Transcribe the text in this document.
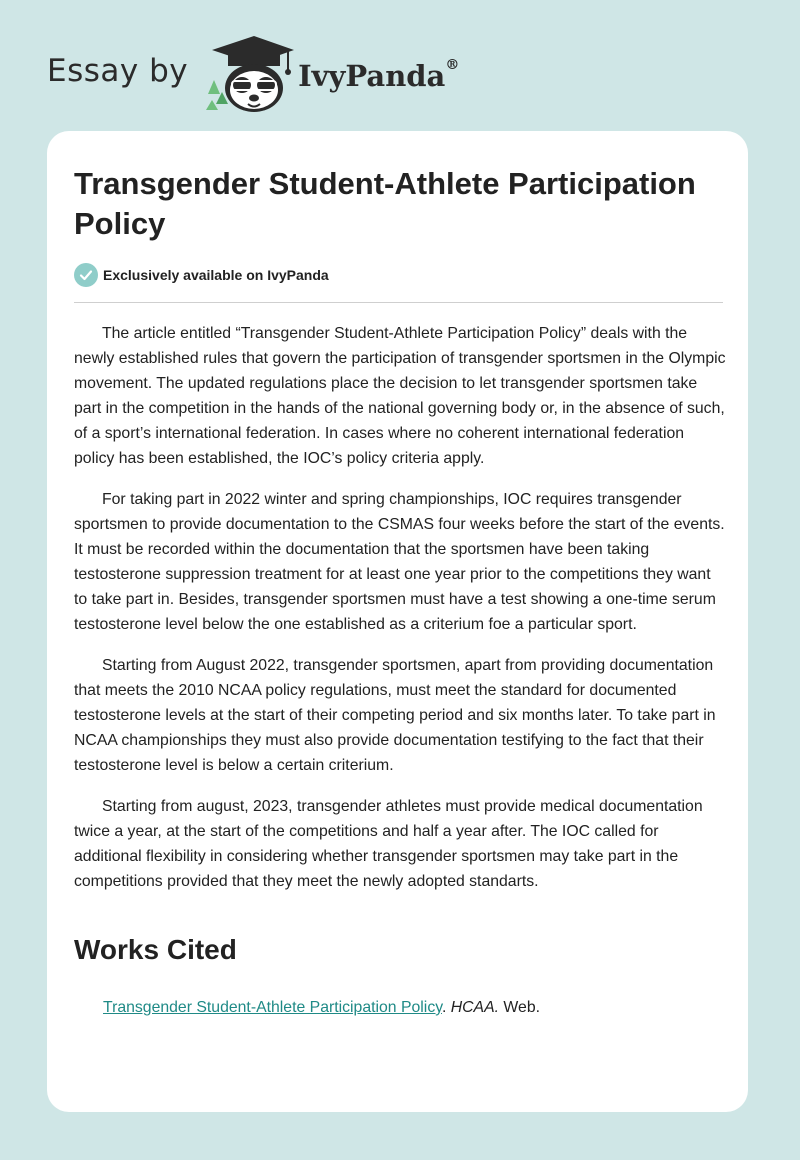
Essay by	IvyPanda®
Transgender Student-Athlete Participation Policy
Exclusively available on IvyPanda

The article entitled “Transgender Student-Athlete Participation Policy” deals with the newly established rules that govern the participation of transgender sportsmen in the Olympic movement. The updated regulations place the decision to let transgender sportsmen take part in the competition in the hands of the national governing body or, in the absence of such, of a sport’s international federation. In cases where no coherent international federation policy has been established, the IOC’s policy criteria apply.

For taking part in 2022 winter and spring championships, IOC requires transgender sportsmen to provide documentation to the CSMAS four weeks before the start of the events. It must be recorded within the documentation that the sportsmen have been taking testosterone suppression treatment for at least one year prior to the competitions they want to take part in. Besides, transgender sportsmen must have a test showing a one-time serum testosterone level below the one established as a criterium foe a particular sport.

Starting from August 2022, transgender sportsmen, apart from providing documentation that meets the 2010 NCAA policy regulations, must meet the standard for documented testosterone levels at the start of their competing period and six months later. To take part in NCAA championships they must also provide documentation testifying to the fact that their testosterone level is below a certain criterium.

Starting from august, 2023, transgender athletes must provide medical documentation twice a year, at the start of the competitions and half a year after. The IOC called for additional flexibility in considering whether transgender sportsmen may take part in the competitions provided that they meet the newly adopted standarts.

Works Cited
Transgender Student-Athlete Participation Policy. HCAA. Web.
